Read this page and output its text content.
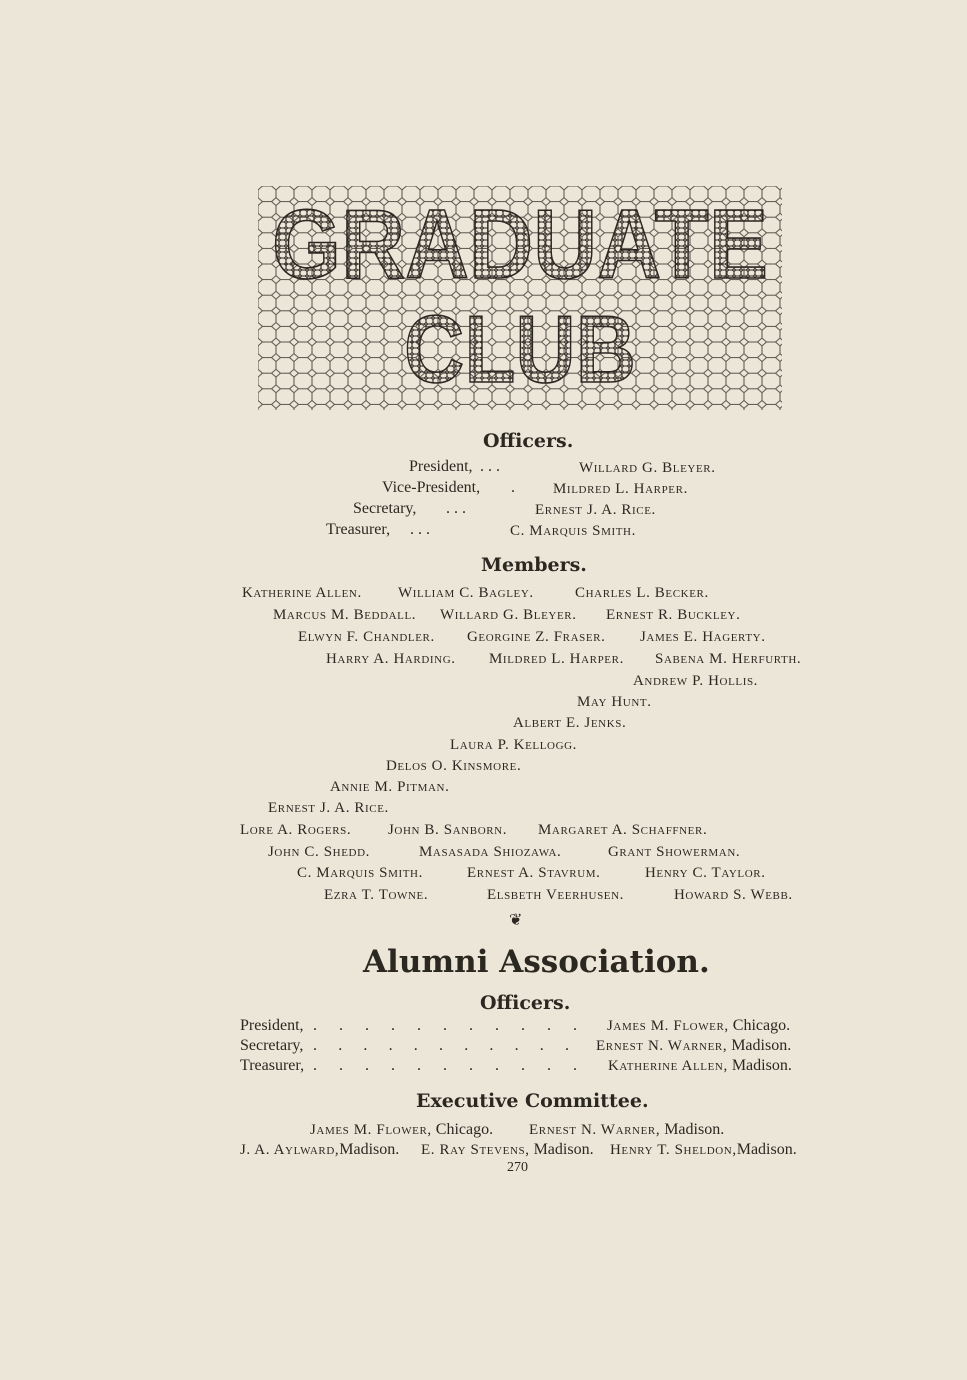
GRADUATE
CLUB
Officers.
President, . . .	Willard G. Bleyer.
Vice-President, .	Mildred L. Harper.
Secretary, . . .	Ernest J. A. Rice.
Treasurer, . . .	C. Marquis Smith.
Members.
Katherine Allen. William C. Bagley.	Charles L. Becker.
Marcus M. Beddall. Willard G. Bleyer. Ernest R. Buckley.
Elwyn F. Chandler. Georgine Z. Fraser. James E. Hagerty.
Harry A. Harding. Mildred L. Harper. Sabena M. Herfurth.
Andrew P. Hollis.
May Hunt.
Albert E. Jenks.
Laura P. Kellogg.
Delos O. Kinsmore.
Annie M. Pitman.
Ernest J. A. Rice.
Lore A. Rogers. John B. Sanborn. Margaret A. Schaffner.
John C. Shedd.	Masasada Shiozawa.	Grant Showerman.
C. Marquis Smith.	Ernest A. Stavrum.	Henry C. Taylor.
Ezra T. Towne.	Elsbeth Veerhusen.	Howard S. Webb.
❦
Alumni Association.
Officers.
President, . . . . . . . . . . . James M. Flower, Chicago.
Secretary, . . . . . . . . . . . Ernest N. Warner, Madison.
Treasurer, . . . . . . . . . . . Katherine Allen, Madison.
Executive Committee.
James M. Flower, Chicago. Ernest N. Warner, Madison.
J. A. Aylward,Madison. E. Ray Stevens, Madison. Henry T. Sheldon,Madison.
270
